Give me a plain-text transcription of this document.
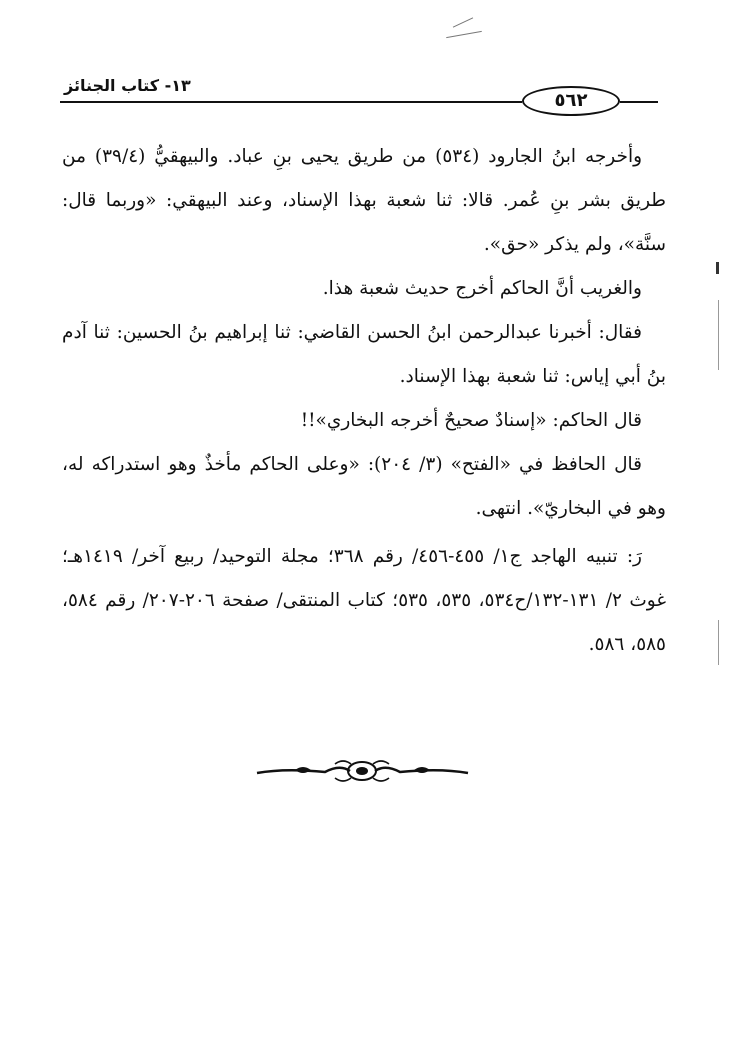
١٣- كتاب الجنائز
٥٦٢

وأخرجه ابنُ الجارود (٥٣٤) من طريق يحيى بنِ عباد. والبيهقيُّ (٣٩/٤) من طريق بشر بنِ عُمر. قالا: ثنا شعبة بهذا الإسناد، وعند البيهقي: «وربما قال: سنَّة»، ولم يذكر «حق».

والغريب أنَّ الحاكم أخرج حديث شعبة هذا.

فقال: أخبرنا عبدالرحمن ابنُ الحسن القاضي: ثنا إبراهيم بنُ الحسين: ثنا آدم بنُ أبي إياس: ثنا شعبة بهذا الإسناد.

قال الحاكم: «إسنادٌ صحيحٌ أخرجه البخاري»!!

قال الحافظ في «الفتح» (٣/ ٢٠٤): «وعلى الحاكم مأخذٌ وهو استدراكه له، وهو في البخاريّ». انتهى.

رَ: تنبيه الهاجد ج١/ ٤٥٥-٤٥٦/ رقم ٣٦٨؛ مجلة التوحيد/ ربيع آخر/ ١٤١٩هـ؛ غوث ٢/ ١٣١-١٣٢/ح٥٣٤، ٥٣٥، ٥٣٥؛ كتاب المنتقى/ صفحة ٢٠٦-٢٠٧/ رقم ٥٨٤، ٥٨٥، ٥٨٦.
